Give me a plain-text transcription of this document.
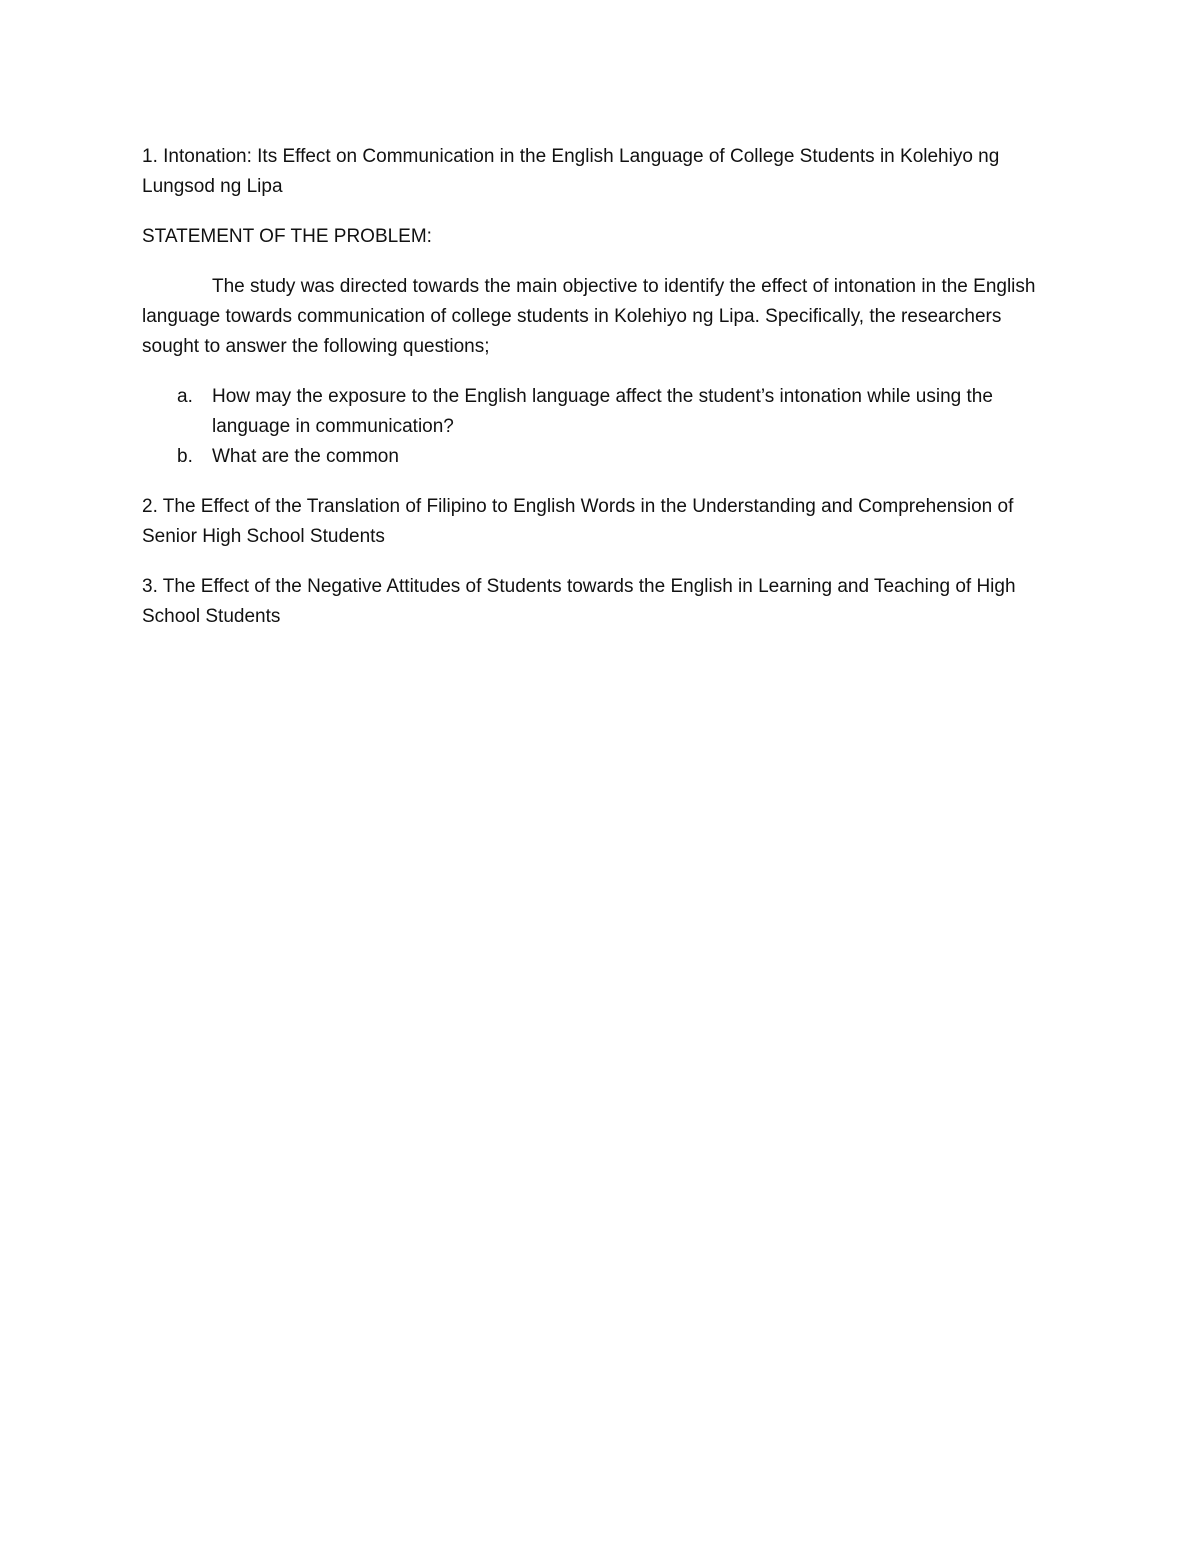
1. Intonation: Its Effect on Communication in the English Language of College Students in Kolehiyo ng Lungsod ng Lipa

STATEMENT OF THE PROBLEM:

The study was directed towards the main objective to identify the effect of intonation in the English language towards communication of college students in Kolehiyo ng Lipa. Specifically, the researchers sought to answer the following questions;

a.	How may the exposure to the English language affect the student’s intonation while using the language in communication?
b.	What are the common

2. The Effect of the Translation of Filipino to English Words in the Understanding and Comprehension of Senior High School Students

3. The Effect of the Negative Attitudes of Students towards the English in Learning and Teaching of High School Students
